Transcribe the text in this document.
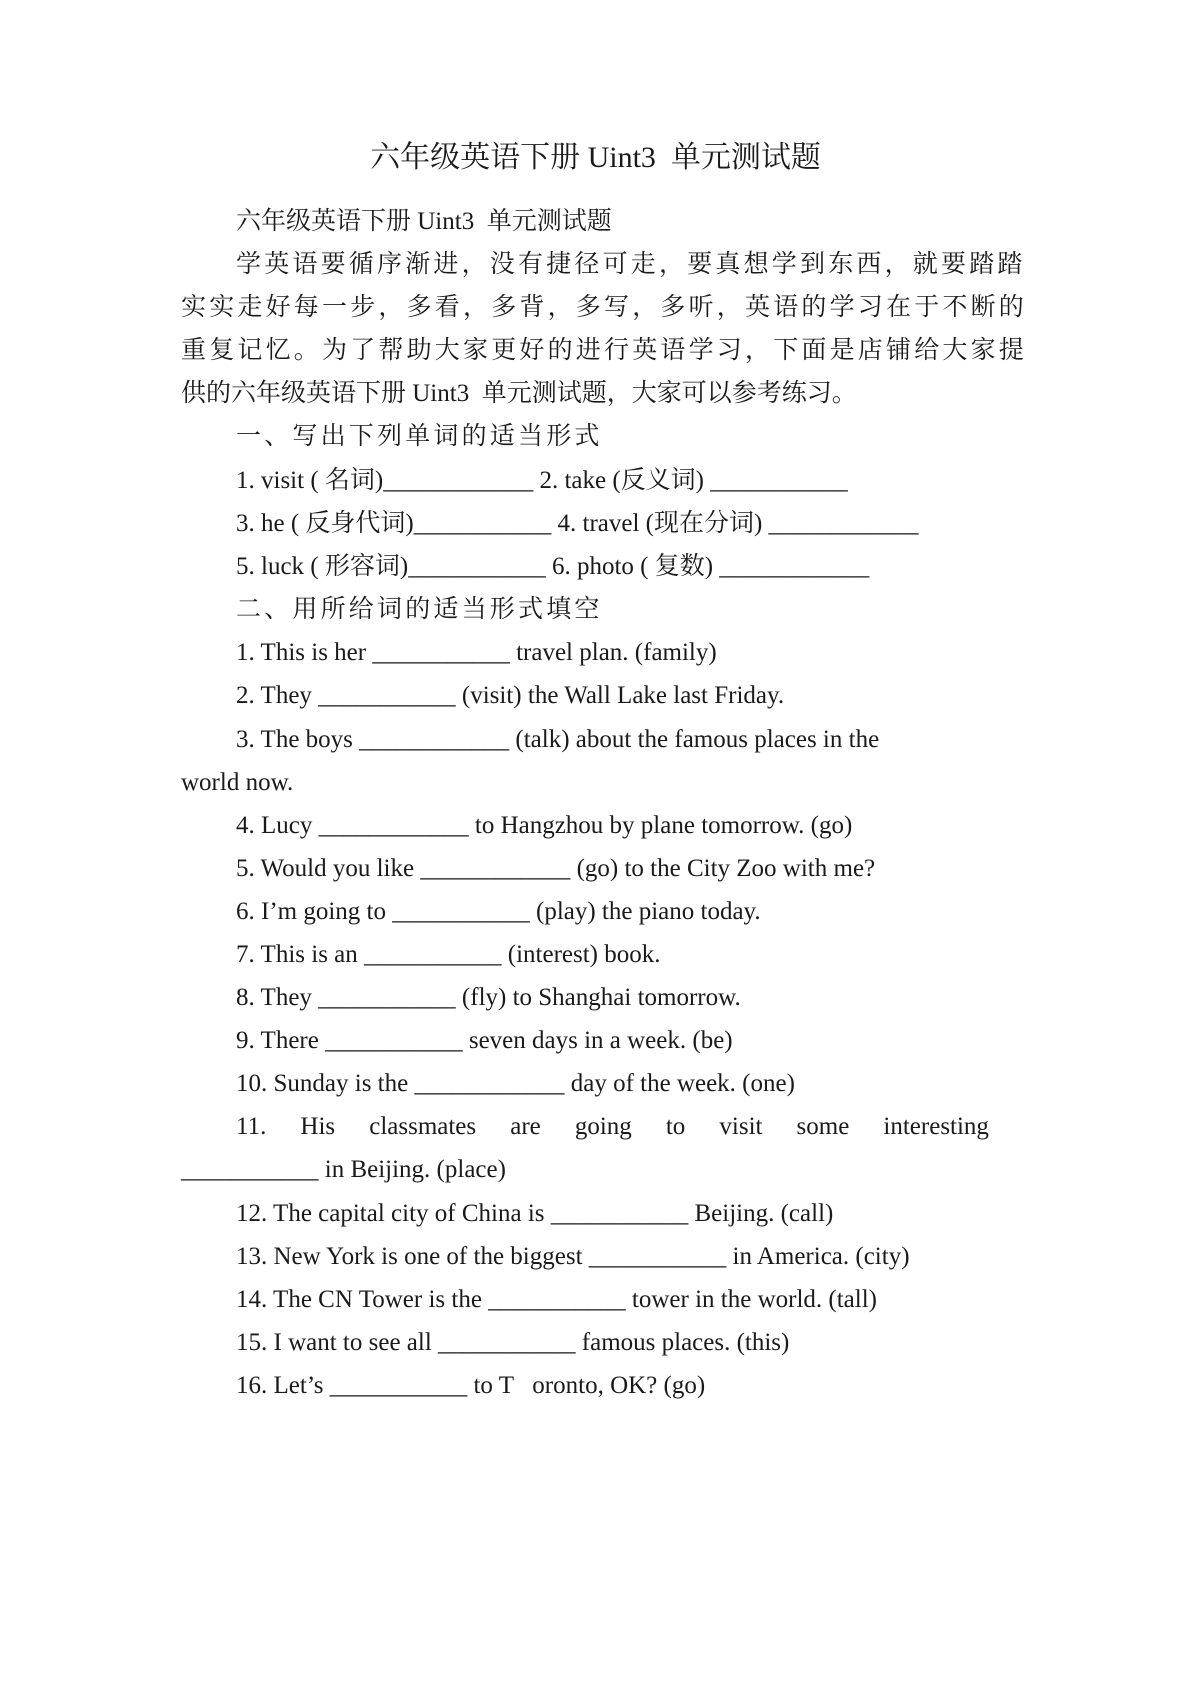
六年级英语下册 Uint3  单元测试题
六年级英语下册 Uint3  单元测试题
学英语要循序渐进，没有捷径可走，要真想学到东西，就要踏踏
实实走好每一步，多看，多背，多写，多听，英语的学习在于不断的
重复记忆。为了帮助大家更好的进行英语学习，下面是店铺给大家提
供的六年级英语下册 Uint3  单元测试题，大家可以参考练习。
一、写出下列单词的适当形式
1. visit ( 名词)____________ 2. take (反义词) ___________
3. he ( 反身代词)___________ 4. travel (现在分词) ____________
5. luck ( 形容词)___________ 6. photo ( 复数) ____________
二、用所给词的适当形式填空
1. This is her ___________ travel plan. (family)
2. They ___________ (visit) the Wall Lake last Friday.
3. The boys ____________ (talk) about the famous places in the
world now.
4. Lucy ____________ to Hangzhou by plane tomorrow. (go)
5. Would you like ____________ (go) to the City Zoo with me?
6. I’m going to ___________ (play) the piano today.
7. This is an ___________ (interest) book.
8. They ___________ (fly) to Shanghai tomorrow.
9. There ___________ seven days in a week. (be)
10. Sunday is the ____________ day of the week. (one)
11. His classmates are going to visit some interesting
___________ in Beijing. (place)
12. The capital city of China is ___________ Beijing. (call)
13. New York is one of the biggest ___________ in America. (city)
14. The CN Tower is the ___________ tower in the world. (tall)
15. I want to see all ___________ famous places. (this)
16. Let’s ___________ to T   oronto, OK? (go)
